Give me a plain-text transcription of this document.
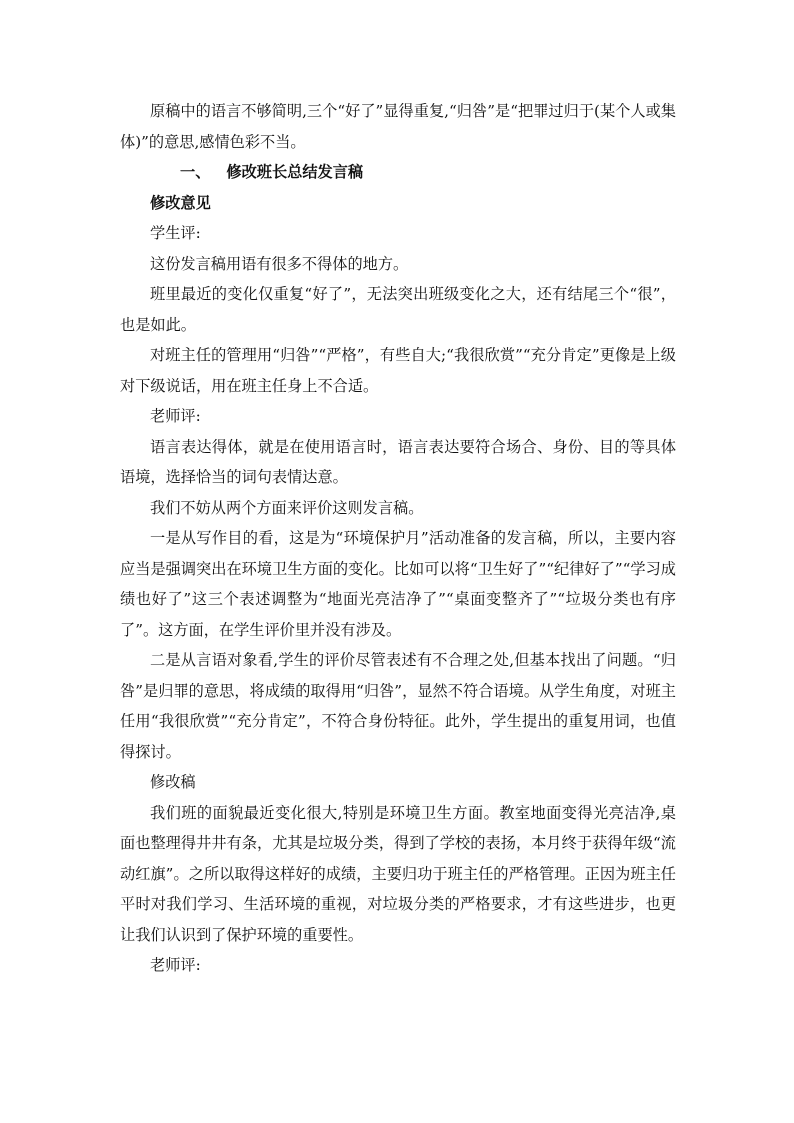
原稿中的语言不够简明,三个“好了”显得重复,“归咎”是“把罪过归于(某个人或集体)”的意思,感情色彩不当。

一、 修改班长总结发言稿

修改意见

学生评:

这份发言稿用语有很多不得体的地方。

班里最近的变化仅重复“好了”，无法突出班级变化之大，还有结尾三个“很”，也是如此。

对班主任的管理用“归咎”“严格”，有些自大;“我很欣赏”“充分肯定”更像是上级对下级说话，用在班主任身上不合适。

老师评:

语言表达得体，就是在使用语言时，语言表达要符合场合、身份、目的等具体语境，选择恰当的词句表情达意。

我们不妨从两个方面来评价这则发言稿。

一是从写作目的看，这是为“环境保护月”活动准备的发言稿，所以，主要内容应当是强调突出在环境卫生方面的变化。比如可以将“卫生好了”“纪律好了”“学习成绩也好了”这三个表述调整为“地面光亮洁净了”“桌面变整齐了”“垃圾分类也有序了”。这方面，在学生评价里并没有涉及。

二是从言语对象看,学生的评价尽管表述有不合理之处,但基本找出了问题。“归咎”是归罪的意思，将成绩的取得用“归咎”，显然不符合语境。从学生角度，对班主任用“我很欣赏”“充分肯定”，不符合身份特征。此外，学生提出的重复用词，也值得探讨。

修改稿

我们班的面貌最近变化很大,特别是环境卫生方面。教室地面变得光亮洁净,桌面也整理得井井有条，尤其是垃圾分类，得到了学校的表扬，本月终于获得年级“流动红旗”。之所以取得这样好的成绩，主要归功于班主任的严格管理。正因为班主任平时对我们学习、生活环境的重视，对垃圾分类的严格要求，才有这些进步，也更让我们认识到了保护环境的重要性。

老师评:
